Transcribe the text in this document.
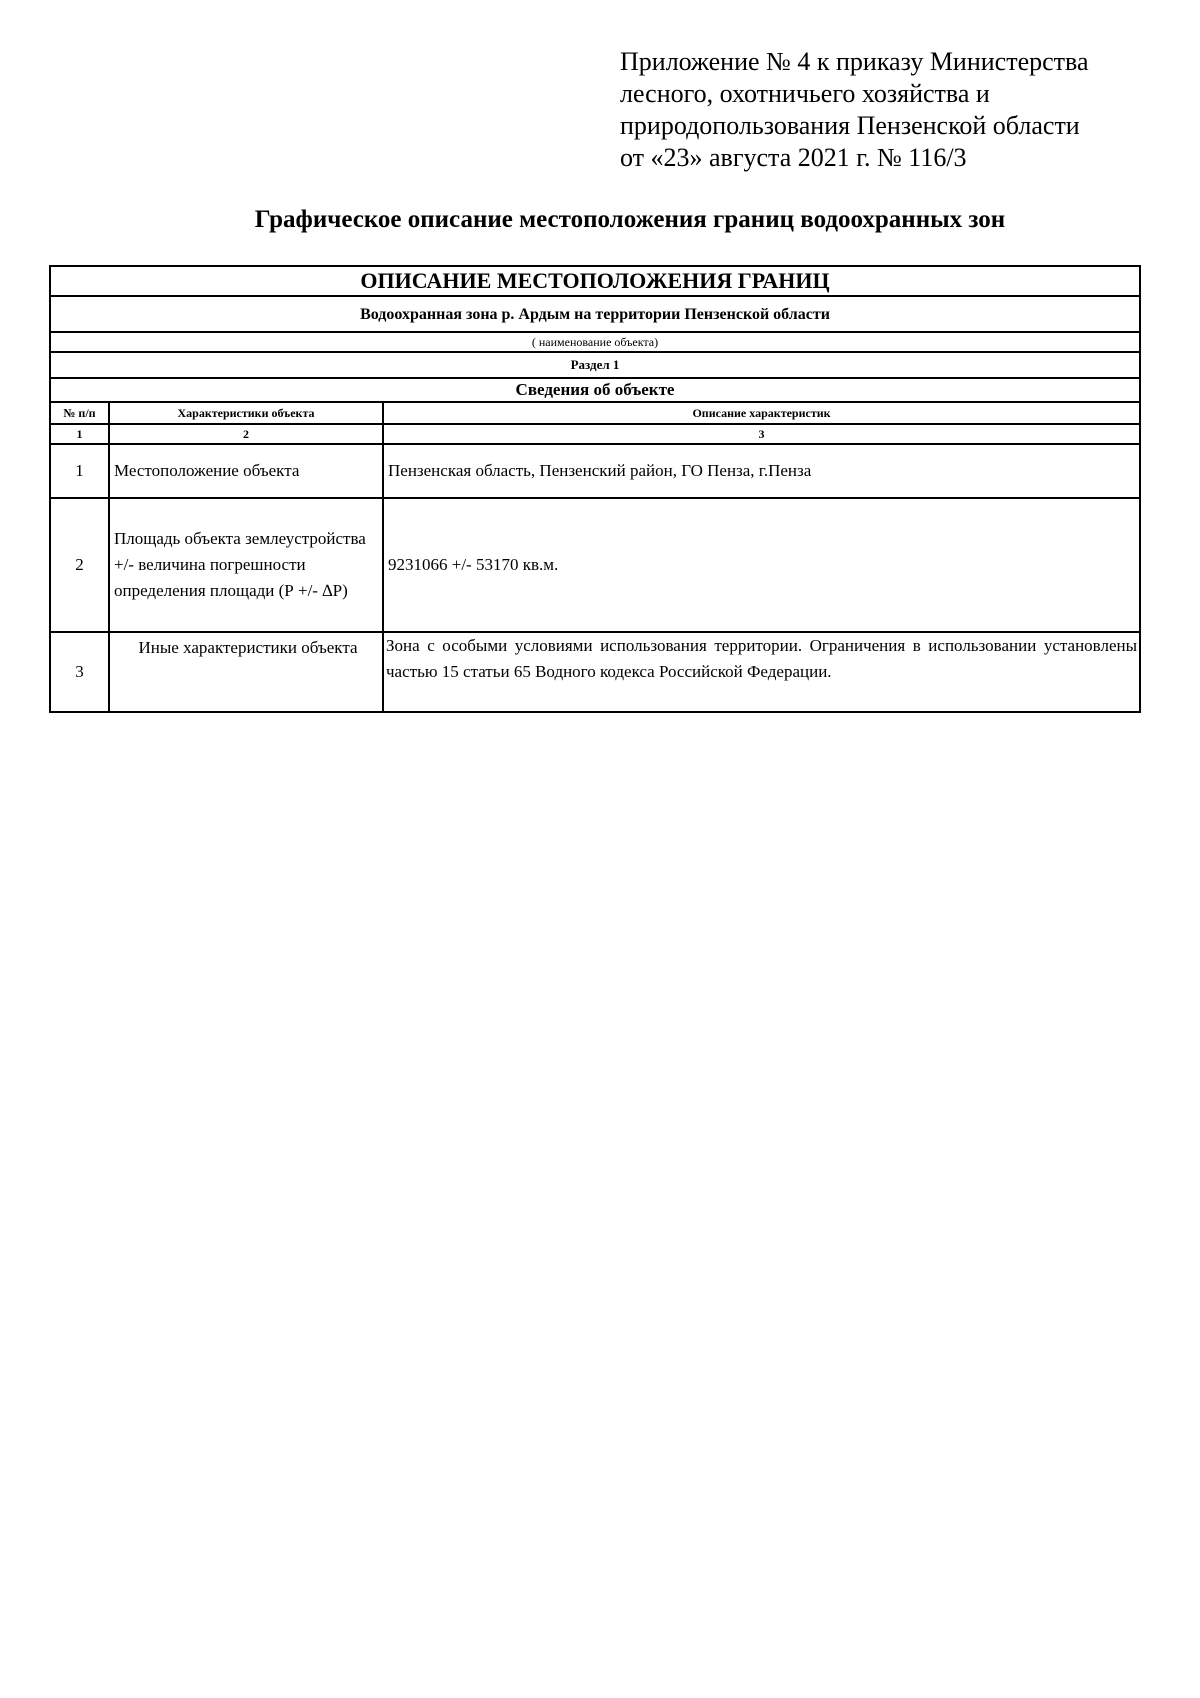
Приложение № 4 к приказу Министерства
лесного, охотничьего хозяйства и
природопользования Пензенской области
от «23» августа 2021 г. № 116/3
Графическое описание местоположения границ водоохранных зон
ОПИСАНИЕ МЕСТОПОЛОЖЕНИЯ ГРАНИЦ		
Водоохранная зона р. Ардым на территории Пензенской области		
( наименование объекта)		
Раздел 1		
Сведения об объекте		
№ п/п	Характеристики объекта	Описание характеристик
1	2	3
1	Местоположение объекта	Пензенская область, Пензенский район, ГО Пенза, г.Пенза
2	Площадь объекта землеустройства +/- величина погрешности определения площади (Р +/- ∆Р)	9231066 +/- 53170 кв.м.
3	Иные характеристики объекта	Зона с особыми условиями использования территории. Ограничения в использовании установлены частью 15 статьи 65 Водного кодекса Российской Федерации.
